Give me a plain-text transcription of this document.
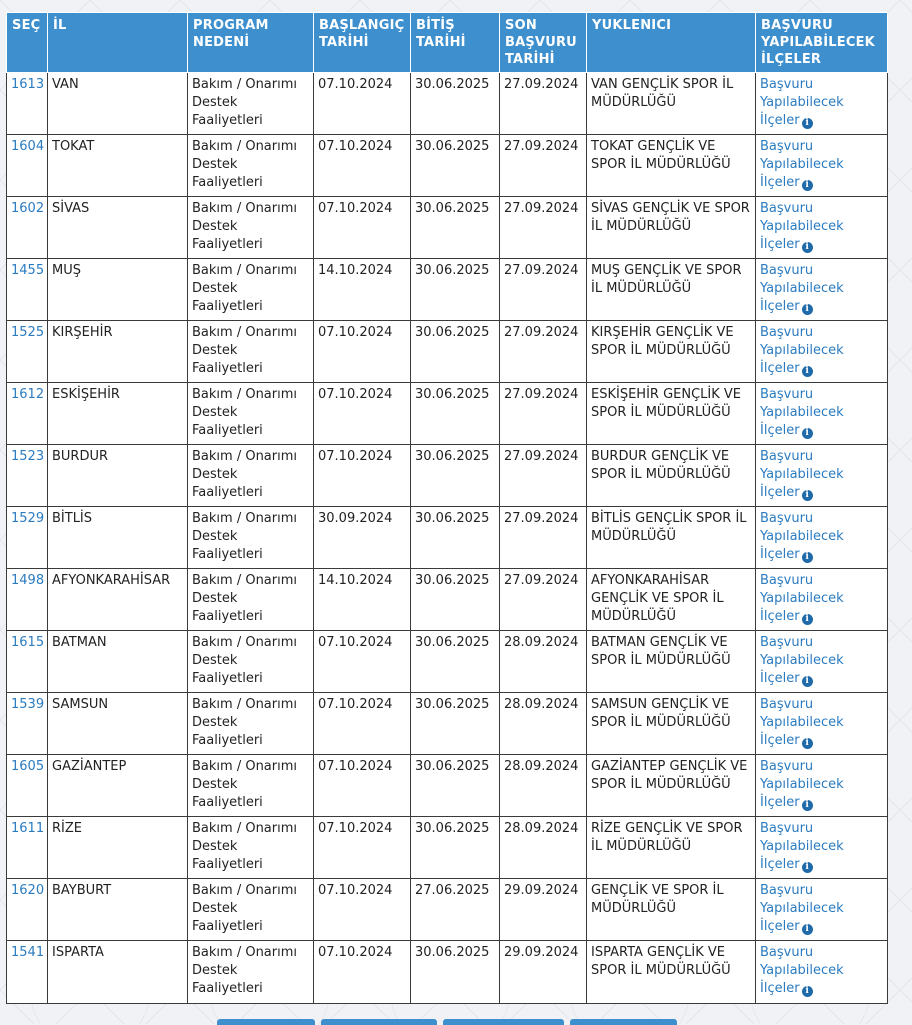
SEÇ	İL	PROGRAM NEDENİ	BAŞLANGIÇ TARİHİ	BİTİŞ TARİHİ	SON BAŞVURU TARİHİ	YUKLENICI	BAŞVURU YAPILABİLECEK İLÇELER
1613	VAN	Bakım / Onarımı Destek Faaliyetleri	07.10.2024	30.06.2025	27.09.2024	VAN GENÇLİK SPOR İL MÜDÜRLÜĞÜ	Başvuru Yapılabilecek İlçeler i
1604	TOKAT	Bakım / Onarımı Destek Faaliyetleri	07.10.2024	30.06.2025	27.09.2024	TOKAT GENÇLİK VE SPOR İL MÜDÜRLÜĞÜ	Başvuru Yapılabilecek İlçeler i
1602	SİVAS	Bakım / Onarımı Destek Faaliyetleri	07.10.2024	30.06.2025	27.09.2024	SİVAS GENÇLİK VE SPOR İL MÜDÜRLÜĞÜ	Başvuru Yapılabilecek İlçeler i
1455	MUŞ	Bakım / Onarımı Destek Faaliyetleri	14.10.2024	30.06.2025	27.09.2024	MUŞ GENÇLİK VE SPOR İL MÜDÜRLÜĞÜ	Başvuru Yapılabilecek İlçeler i
1525	KIRŞEHİR	Bakım / Onarımı Destek Faaliyetleri	07.10.2024	30.06.2025	27.09.2024	KIRŞEHİR GENÇLİK VE SPOR İL MÜDÜRLÜĞÜ	Başvuru Yapılabilecek İlçeler i
1612	ESKİŞEHİR	Bakım / Onarımı Destek Faaliyetleri	07.10.2024	30.06.2025	27.09.2024	ESKİŞEHİR GENÇLİK VE SPOR İL MÜDÜRLÜĞÜ	Başvuru Yapılabilecek İlçeler i
1523	BURDUR	Bakım / Onarımı Destek Faaliyetleri	07.10.2024	30.06.2025	27.09.2024	BURDUR GENÇLİK VE SPOR İL MÜDÜRLÜĞÜ	Başvuru Yapılabilecek İlçeler i
1529	BİTLİS	Bakım / Onarımı Destek Faaliyetleri	30.09.2024	30.06.2025	27.09.2024	BİTLİS GENÇLİK SPOR İL MÜDÜRLÜĞÜ	Başvuru Yapılabilecek İlçeler i
1498	AFYONKARAHİSAR	Bakım / Onarımı Destek Faaliyetleri	14.10.2024	30.06.2025	27.09.2024	AFYONKARAHİSAR GENÇLİK VE SPOR İL MÜDÜRLÜĞÜ	Başvuru Yapılabilecek İlçeler i
1615	BATMAN	Bakım / Onarımı Destek Faaliyetleri	07.10.2024	30.06.2025	28.09.2024	BATMAN GENÇLİK VE SPOR İL MÜDÜRLÜĞÜ	Başvuru Yapılabilecek İlçeler i
1539	SAMSUN	Bakım / Onarımı Destek Faaliyetleri	07.10.2024	30.06.2025	28.09.2024	SAMSUN GENÇLİK VE SPOR İL MÜDÜRLÜĞÜ	Başvuru Yapılabilecek İlçeler i
1605	GAZİANTEP	Bakım / Onarımı Destek Faaliyetleri	07.10.2024	30.06.2025	28.09.2024	GAZİANTEP GENÇLİK VE SPOR İL MÜDÜRLÜĞÜ	Başvuru Yapılabilecek İlçeler i
1611	RİZE	Bakım / Onarımı Destek Faaliyetleri	07.10.2024	30.06.2025	28.09.2024	RİZE GENÇLİK VE SPOR İL MÜDÜRLÜĞÜ	Başvuru Yapılabilecek İlçeler i
1620	BAYBURT	Bakım / Onarımı Destek Faaliyetleri	07.10.2024	27.06.2025	29.09.2024	GENÇLİK VE SPOR İL MÜDÜRLÜĞÜ	Başvuru Yapılabilecek İlçeler i
1541	ISPARTA	Bakım / Onarımı Destek Faaliyetleri	07.10.2024	30.06.2025	29.09.2024	ISPARTA GENÇLİK VE SPOR İL MÜDÜRLÜĞÜ	Başvuru Yapılabilecek İlçeler i
